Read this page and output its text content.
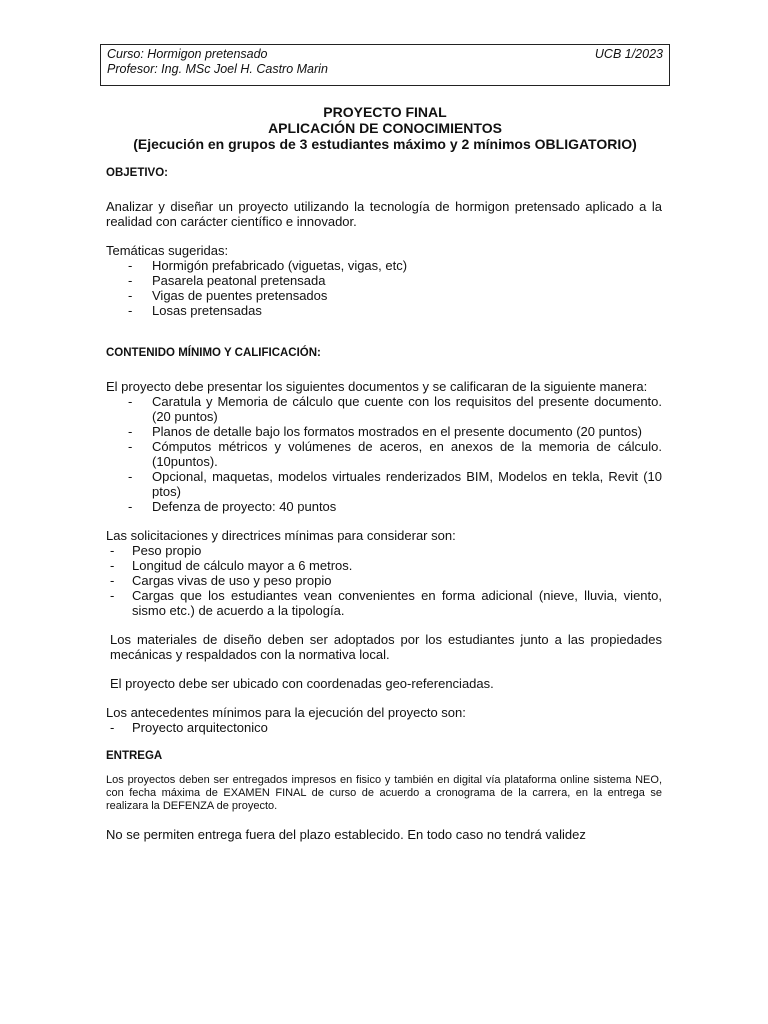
Curso: Hormigon pretensado
Profesor: Ing. MSc Joel H. Castro Marin
UCB 1/2023
PROYECTO FINAL
APLICACIÓN DE CONOCIMIENTOS
(Ejecución en grupos de 3 estudiantes máximo y 2 mínimos OBLIGATORIO)
OBJETIVO:
Analizar y diseñar un proyecto utilizando la tecnología de hormigon pretensado aplicado a la realidad con carácter científico e innovador.
Temáticas sugeridas:
- Hormigón prefabricado (viguetas, vigas, etc)
- Pasarela peatonal pretensada
- Vigas de puentes pretensados
- Losas pretensadas
CONTENIDO MÍNIMO Y CALIFICACIÓN:
El proyecto debe presentar los siguientes documentos y se calificaran de la siguiente manera:
- Caratula y Memoria de cálculo que cuente con los requisitos del presente documento. (20 puntos)
- Planos de detalle bajo los formatos mostrados en el presente documento (20 puntos)
- Cómputos métricos y volúmenes de aceros, en anexos de la memoria de cálculo. (10puntos).
- Opcional, maquetas, modelos virtuales renderizados BIM, Modelos en tekla, Revit (10 ptos)
- Defenza de proyecto: 40 puntos
Las solicitaciones y directrices mínimas para considerar son:
- Peso propio
- Longitud de cálculo mayor a 6 metros.
- Cargas vivas de uso y peso propio
- Cargas que los estudiantes vean convenientes en forma adicional (nieve, lluvia, viento, sismo etc.) de acuerdo a la tipología.
Los materiales de diseño deben ser adoptados por los estudiantes junto a las propiedades mecánicas y respaldados con la normativa local.
El proyecto debe ser ubicado con coordenadas geo-referenciadas.
Los antecedentes mínimos para la ejecución del proyecto son:
- Proyecto arquitectonico
ENTREGA
Los proyectos deben ser entregados impresos en fisico y también en digital vía plataforma online sistema NEO, con fecha máxima de EXAMEN FINAL de curso de acuerdo a cronograma de la carrera, en la entrega se realizara la DEFENZA de proyecto.
No se permiten entrega fuera del plazo establecido. En todo caso no tendrá validez
